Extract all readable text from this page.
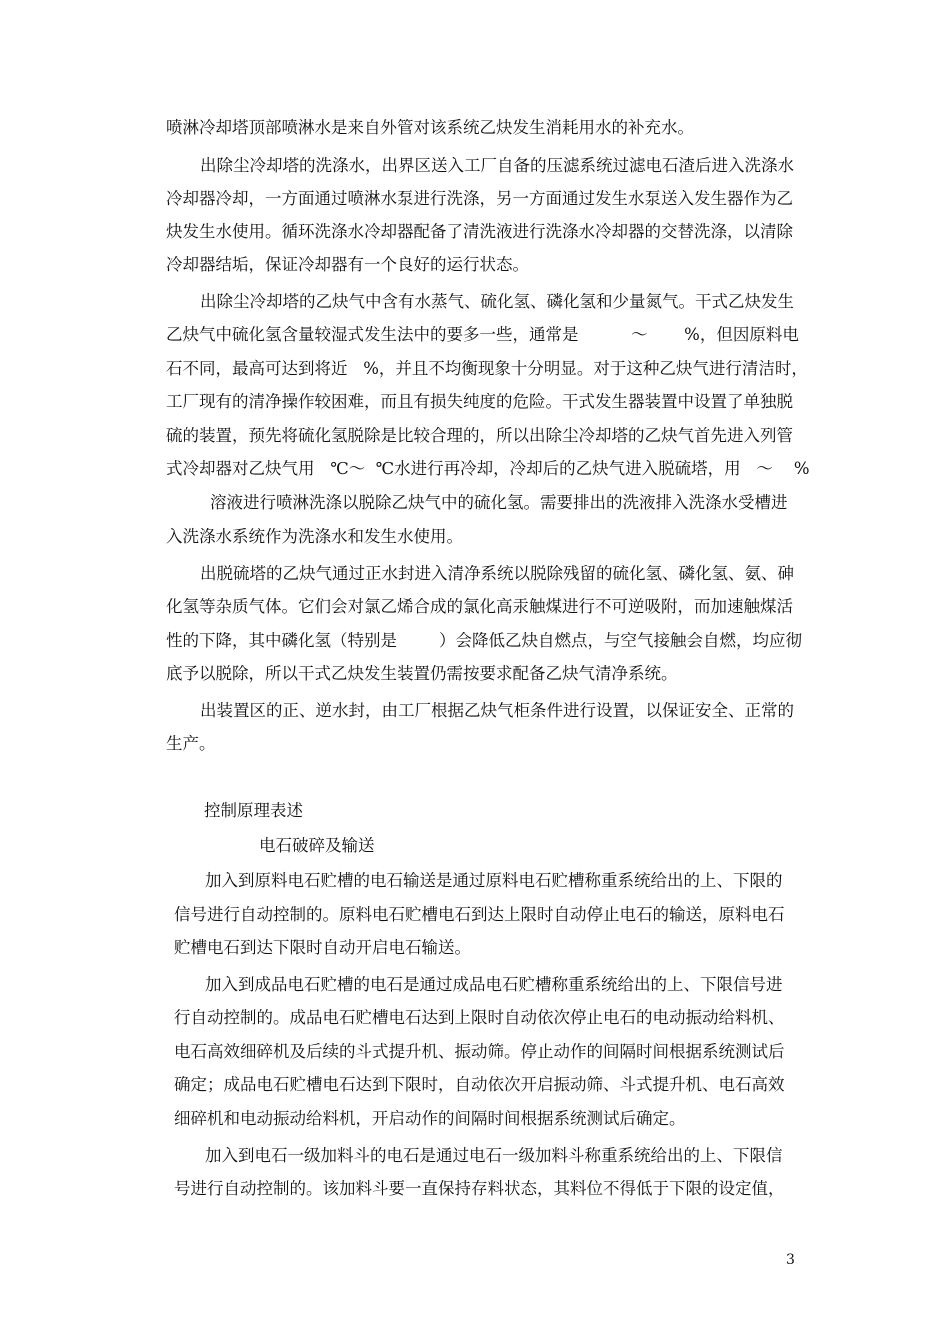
喷淋冷却塔顶部喷淋水是来自外管对该系统乙炔发生消耗用水的补充水。
出除尘冷却塔的洗涤水，出界区送入工厂自备的压滤系统过滤电石渣后进入洗涤水
冷却器冷却，一方面通过喷淋水泵进行洗涤，另一方面通过发生水泵送入发生器作为乙
炔发生水使用。循环洗涤水冷却器配备了清洗液进行洗涤水冷却器的交替洗涤，以清除
冷却器结垢，保证冷却器有一个良好的运行状态。
出除尘冷却塔的乙炔气中含有水蒸气、硫化氢、磷化氢和少量氮气。干式乙炔发生
乙炔气中硫化氢含量较湿式发生法中的要多一些，通常是          ～       %，但因原料电
石不同，最高可达到将近   %，并且不均衡现象十分明显。对于这种乙炔气进行清洁时，
工厂现有的清净操作较困难，而且有损失纯度的危险。干式发生器装置中设置了单独脱
硫的装置，预先将硫化氢脱除是比较合理的，所以出除尘冷却塔的乙炔气首先进入列管
式冷却器对乙炔气用   ℃～  ℃水进行再冷却，冷却后的乙炔气进入脱硫塔，用   ～    %
溶液进行喷淋洗涤以脱除乙炔气中的硫化氢。需要排出的洗液排入洗涤水受槽进
入洗涤水系统作为洗涤水和发生水使用。
出脱硫塔的乙炔气通过正水封进入清净系统以脱除残留的硫化氢、磷化氢、氨、砷
化氢等杂质气体。它们会对氯乙烯合成的氯化高汞触煤进行不可逆吸附，而加速触煤活
性的下降，其中磷化氢（特别是        ）会降低乙炔自燃点，与空气接触会自燃，均应彻
底予以脱除，所以干式乙炔发生装置仍需按要求配备乙炔气清净系统。
出装置区的正、逆水封，由工厂根据乙炔气柜条件进行设置，以保证安全、正常的
生产。
控制原理表述
电石破碎及输送
加入到原料电石贮槽的电石输送是通过原料电石贮槽称重系统给出的上、下限的
信号进行自动控制的。原料电石贮槽电石到达上限时自动停止电石的输送，原料电石
贮槽电石到达下限时自动开启电石输送。
加入到成品电石贮槽的电石是通过成品电石贮槽称重系统给出的上、下限信号进
行自动控制的。成品电石贮槽电石达到上限时自动依次停止电石的电动振动给料机、
电石高效细碎机及后续的斗式提升机、振动筛。停止动作的间隔时间根据系统测试后
确定；成品电石贮槽电石达到下限时，自动依次开启振动筛、斗式提升机、电石高效
细碎机和电动振动给料机，开启动作的间隔时间根据系统测试后确定。
加入到电石一级加料斗的电石是通过电石一级加料斗称重系统给出的上、下限信
号进行自动控制的。该加料斗要一直保持存料状态，其料位不得低于下限的设定值，
3
